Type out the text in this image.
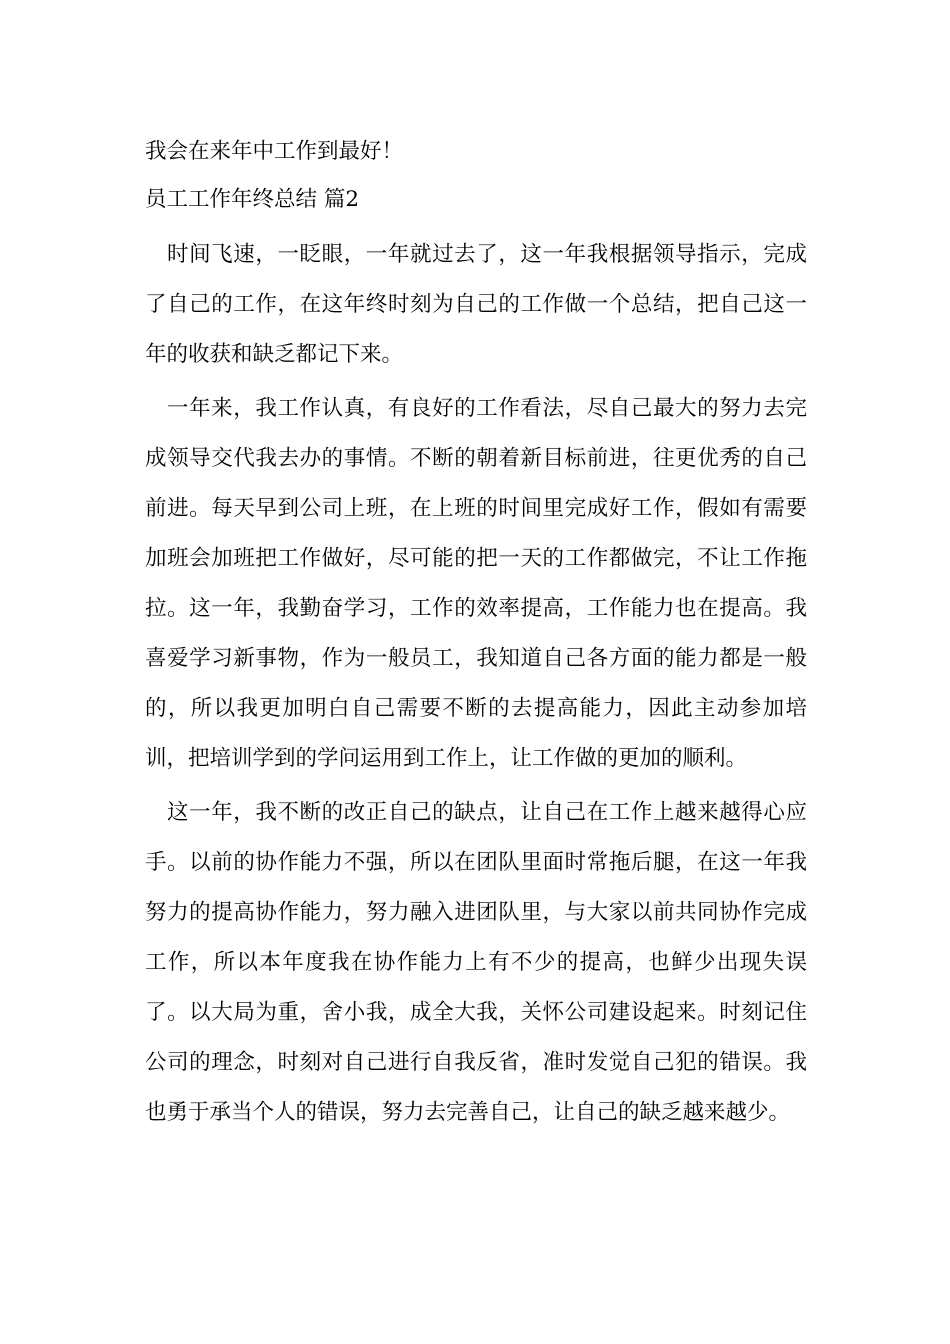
我会在来年中工作到最好！

员工工作年终总结 篇2

时间飞速，一眨眼，一年就过去了，这一年我根据领导指示，完成了自己的工作，在这年终时刻为自己的工作做一个总结，把自己这一年的收获和缺乏都记下来。

一年来，我工作认真，有良好的工作看法，尽自己最大的努力去完成领导交代我去办的事情。不断的朝着新目标前进，往更优秀的自己前进。每天早到公司上班，在上班的时间里完成好工作，假如有需要加班会加班把工作做好，尽可能的把一天的工作都做完，不让工作拖拉。这一年，我勤奋学习，工作的效率提高，工作能力也在提高。我喜爱学习新事物，作为一般员工，我知道自己各方面的能力都是一般的，所以我更加明白自己需要不断的去提高能力，因此主动参加培训，把培训学到的学问运用到工作上，让工作做的更加的顺利。

这一年，我不断的改正自己的缺点，让自己在工作上越来越得心应手。以前的协作能力不强，所以在团队里面时常拖后腿，在这一年我努力的提高协作能力，努力融入进团队里，与大家以前共同协作完成工作，所以本年度我在协作能力上有不少的提高，也鲜少出现失误了。以大局为重，舍小我，成全大我，关怀公司建设起来。时刻记住公司的理念，时刻对自己进行自我反省，准时发觉自己犯的错误。我也勇于承当个人的错误，努力去完善自己，让自己的缺乏越来越少。
